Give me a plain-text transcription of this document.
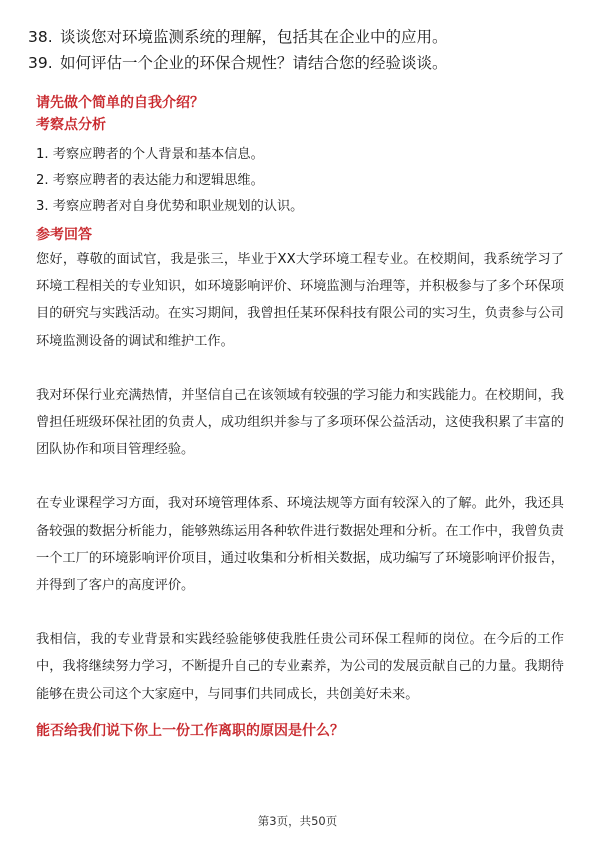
38. 谈谈您对环境监测系统的理解，包括其在企业中的应用。
39. 如何评估一个企业的环保合规性？请结合您的经验谈谈。
请先做个简单的自我介绍？
考察点分析
1. 考察应聘者的个人背景和基本信息。
2. 考察应聘者的表达能力和逻辑思维。
3. 考察应聘者对自身优势和职业规划的认识。
参考回答

您好，尊敬的面试官，我是张三，毕业于XX大学环境工程专业。在校期间，我系统学习了环境工程相关的专业知识，如环境影响评价、环境监测与治理等，并积极参与了多个环保项目的研究与实践活动。在实习期间，我曾担任某环保科技有限公司的实习生，负责参与公司环境监测设备的调试和维护工作。

我对环保行业充满热情，并坚信自己在该领域有较强的学习能力和实践能力。在校期间，我曾担任班级环保社团的负责人，成功组织并参与了多项环保公益活动，这使我积累了丰富的团队协作和项目管理经验。

在专业课程学习方面，我对环境管理体系、环境法规等方面有较深入的了解。此外，我还具备较强的数据分析能力，能够熟练运用各种软件进行数据处理和分析。在工作中，我曾负责一个工厂的环境影响评价项目，通过收集和分析相关数据，成功编写了环境影响评价报告，并得到了客户的高度评价。

我相信，我的专业背景和实践经验能够使我胜任贵公司环保工程师的岗位。在今后的工作中，我将继续努力学习，不断提升自己的专业素养，为公司的发展贡献自己的力量。我期待能够在贵公司这个大家庭中，与同事们共同成长，共创美好未来。

能否给我们说下你上一份工作离职的原因是什么？
第3页，共50页
